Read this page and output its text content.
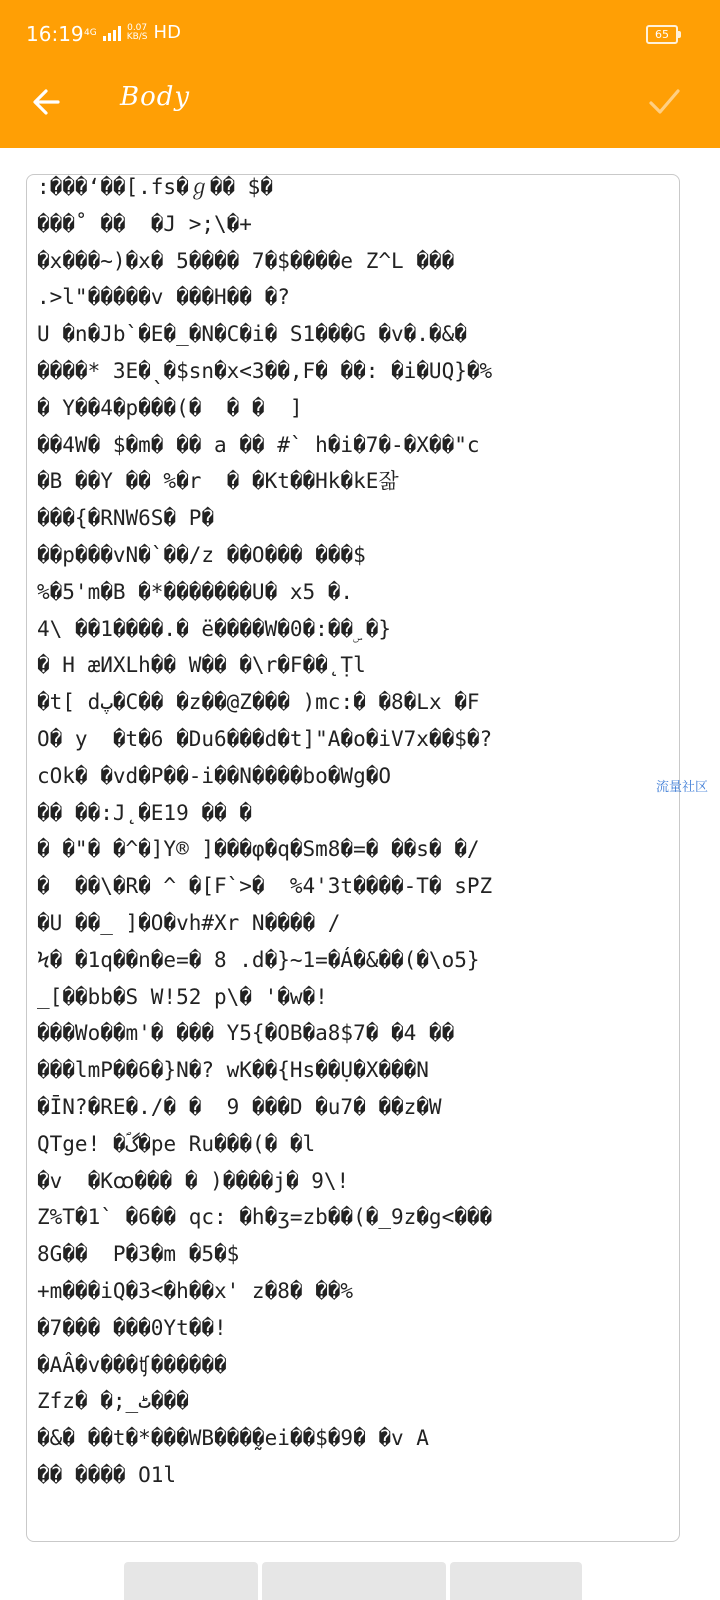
16:19 4G	0.07
KB/S HD	65
Body
:���ʻ��[.fs�ℊ�� $�
���˚ ��  �J >;\�+
�x���~)�x� 5���� 7�$����e Z^L ���
.>l"�����v ���H�� �?
U �n�Jb`�E�_�N�C�i� S1���G �v�.�&�
����* 3E�ˎ�$sn�x<3��,F� ��: �i�UQ}�%
� Y��4�p���(�  � �  ]
��4W� $�m� �� a �� #` h�i�7�-�X��"c
�B ��Y �� %�r  � �Kt��Hk�kE잚
���{�RNW6S� P�
��p���vN�`��/z ��O��� ���$
%�5'm�B �*�������U� x5 �.
4\ ��1����.� ë����W�0�:��ۣ �}
� H æИXLh�� W�� �\r�F��̨ Ṭl
�t[ dپ�C�� �z��@Z��� )mc:� �8�Lx �F
O� y  �t�6 �Du6���d�t]"A�o�iV7x��$�?
cOk� �vd�P��-i��N����bo�Wg�O
�� ��:J˛�E19 �� �
� �"� �^�]Y® ]���φ�q�Sm8�=� ��s� �/
�  ��\�R� ^ �[F`>�  %4'3t����-T� sPZ
�U ��_ ]�O�vh#Xr N���� /
Ϟ� �1q��n�e=� 8 .d�}~1=�Á�&��(�\o5}
_[��bb�S W!52 p\� '�w�!
���Wo��m'� ��� Y5{�OB�a8$7� �4 ��
���lmP��6�}N�? wK��{Hs��Ụ�X���N
�ĪN?�RE�./� �  9 ���D �u7� ��z�W
QTge! �ؐگ�pe Ru���(� �l
�v  �Kꝏ��� � )����j� 9\!
Z%T�1` �6�� qc: �h�ʒ=zb��(�_9z�g<���
8G��  P�3�m �5�$
+m���iQ�3<�h��x' z�8� ��%
�7��� ���0Yt��!
�AÂ�v���ʧ������
Zfz� �;_ٹ���
�&� ��t�*���WB���̰�ei��$�9� �v A
�� ���� O1l

流量社区
